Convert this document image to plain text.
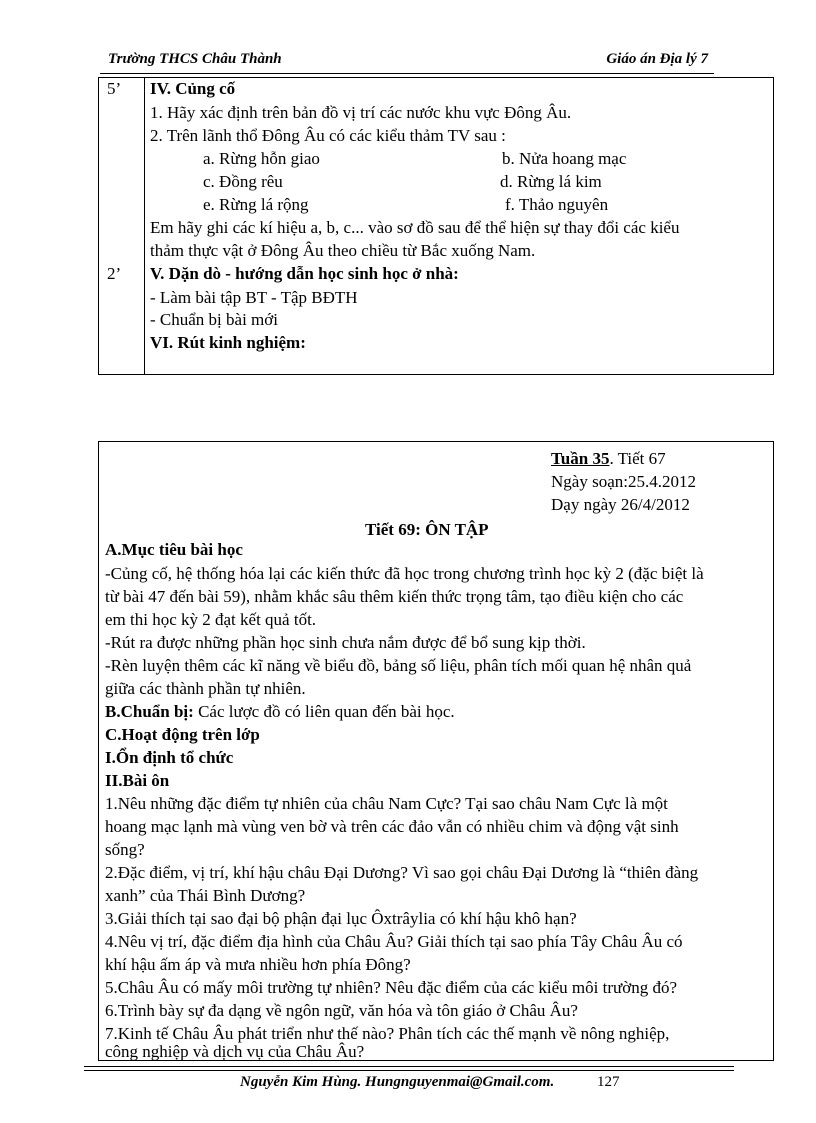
Trường THCS Châu Thành	Giáo án Địa lý 7
5’ IV. Củng cố
1. Hãy xác định trên bản đồ vị trí các nước khu vực Đông Âu.
2. Trên lãnh thổ Đông Âu có các kiểu thảm TV sau :
a. Rừng hỗn giao	b. Nửa hoang mạc
c. Đồng rêu	d. Rừng lá kim
e. Rừng lá rộng	f. Thảo nguyên
Em hãy ghi các kí hiệu a, b, c... vào sơ đồ sau để thể hiện sự thay đổi các kiểu
thảm thực vật ở Đông Âu theo chiều từ Bắc xuống Nam.
2’ V. Dặn dò - hướng dẫn học sinh học ở nhà:
- Làm bài tập BT - Tập BĐTH
- Chuẩn bị bài mới
VI. Rút kinh nghiệm:
Tuần 35. Tiết 67
Ngày soạn:25.4.2012
Dạy ngày 26/4/2012
Tiết 69: ÔN TẬP
A.Mục tiêu bài học
-Củng cố, hệ thống hóa lại các kiến thức đã học trong chương trình học kỳ 2 (đặc biệt là
từ bài 47 đến bài 59), nhằm khắc sâu thêm kiến thức trọng tâm, tạo điều kiện cho các
em thi học kỳ 2 đạt kết quả tốt.
-Rút ra được những phần học sinh chưa nắm được để bổ sung kịp thời.
-Rèn luyện thêm các kĩ năng về biểu đồ, bảng số liệu, phân tích mối quan hệ nhân quả
giữa các thành phần tự nhiên.
B.Chuẩn bị: Các lược đồ có liên quan đến bài học.
C.Hoạt động trên lớp
I.Ổn định tổ chức
II.Bài ôn
1.Nêu những đặc điểm tự nhiên của châu Nam Cực? Tại sao châu Nam Cực là một
hoang mạc lạnh mà vùng ven bờ và trên các đảo vẫn có nhiều chim và động vật sinh
sống?
2.Đặc điểm, vị trí, khí hậu châu Đại Dương? Vì sao gọi châu Đại Dương là “thiên đàng
xanh” của Thái Bình Dương?
3.Giải thích tại sao đại bộ phận đại lục Ôxtrâylia có khí hậu khô hạn?
4.Nêu vị trí, đặc điểm địa hình của Châu Âu? Giải thích tại sao phía Tây Châu Âu có
khí hậu ấm áp và mưa nhiều hơn phía Đông?
5.Châu Âu có mấy môi trường tự nhiên? Nêu đặc điểm của các kiểu môi trường đó?
6.Trình bày sự đa dạng về ngôn ngữ, văn hóa và tôn giáo ở Châu Âu?
7.Kinh tế Châu Âu phát triển như thế nào? Phân tích các thế mạnh về nông nghiệp,
công nghiệp và dịch vụ của Châu Âu?
Nguyễn Kim Hùng. Hungnguyenmai@Gmail.com.	127
